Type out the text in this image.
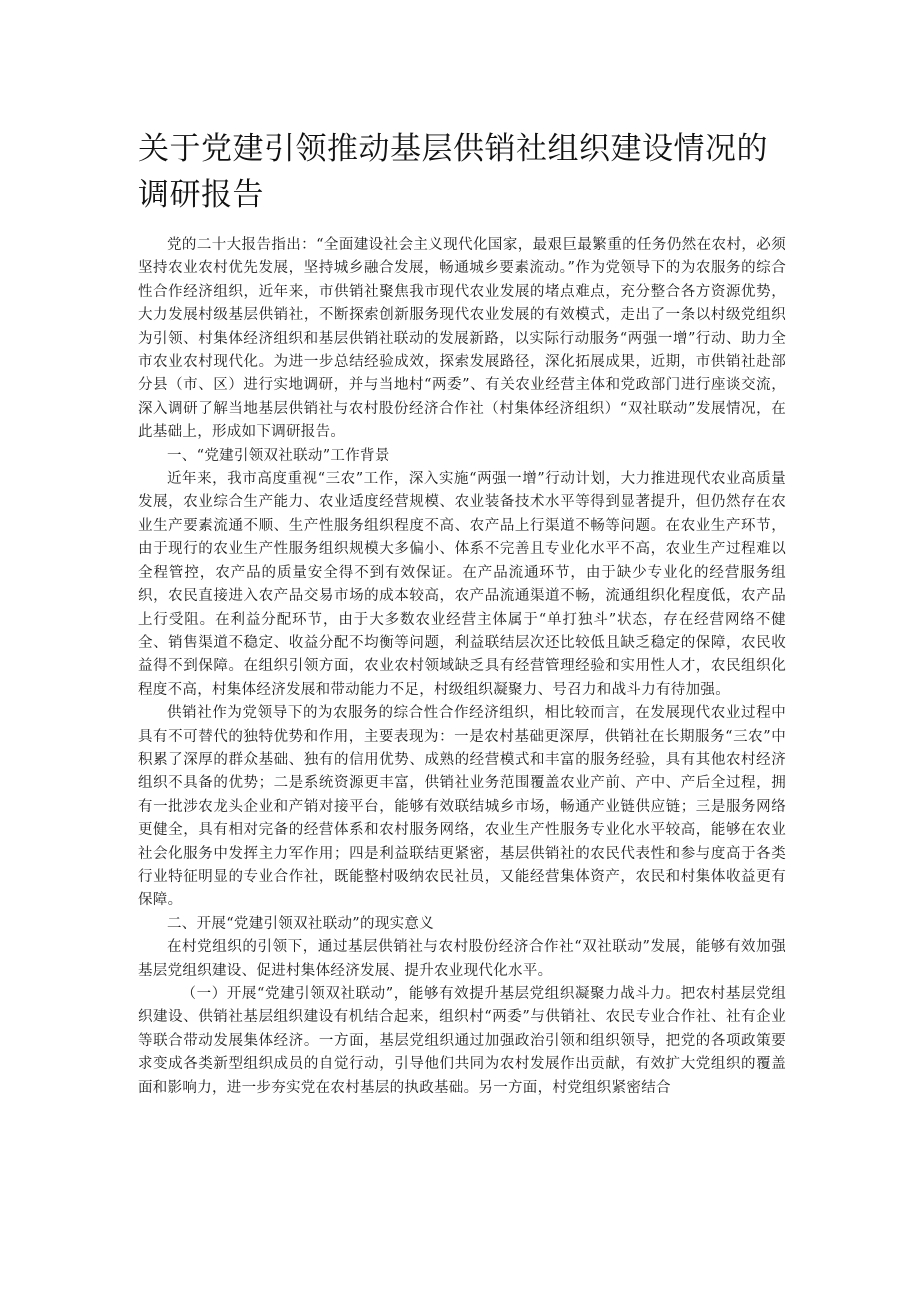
关于党建引领推动基层供销社组织建设情况的调研报告

党的二十大报告指出：“全面建设社会主义现代化国家，最艰巨最繁重的任务仍然在农村，必须坚持农业农村优先发展，坚持城乡融合发展，畅通城乡要素流动。”作为党领导下的为农服务的综合性合作经济组织，近年来，市供销社聚焦我市现代农业发展的堵点难点，充分整合各方资源优势，大力发展村级基层供销社，不断探索创新服务现代农业发展的有效模式，走出了一条以村级党组织为引领、村集体经济组织和基层供销社联动的发展新路，以实际行动服务“两强一增”行动、助力全市农业农村现代化。为进一步总结经验成效，探索发展路径，深化拓展成果，近期，市供销社赴部分县（市、区）进行实地调研，并与当地村“两委”、有关农业经营主体和党政部门进行座谈交流，深入调研了解当地基层供销社与农村股份经济合作社（村集体经济组织）“双社联动”发展情况，在此基础上，形成如下调研报告。

一、“党建引领双社联动”工作背景

近年来，我市高度重视“三农”工作，深入实施“两强一增”行动计划，大力推进现代农业高质量发展，农业综合生产能力、农业适度经营规模、农业装备技术水平等得到显著提升，但仍然存在农业生产要素流通不顺、生产性服务组织程度不高、农产品上行渠道不畅等问题。在农业生产环节，由于现行的农业生产性服务组织规模大多偏小、体系不完善且专业化水平不高，农业生产过程难以全程管控，农产品的质量安全得不到有效保证。在产品流通环节，由于缺少专业化的经营服务组织，农民直接进入农产品交易市场的成本较高，农产品流通渠道不畅，流通组织化程度低，农产品上行受阻。在利益分配环节，由于大多数农业经营主体属于“单打独斗”状态，存在经营网络不健全、销售渠道不稳定、收益分配不均衡等问题，利益联结层次还比较低且缺乏稳定的保障，农民收益得不到保障。在组织引领方面，农业农村领域缺乏具有经营管理经验和实用性人才，农民组织化程度不高，村集体经济发展和带动能力不足，村级组织凝聚力、号召力和战斗力有待加强。

供销社作为党领导下的为农服务的综合性合作经济组织，相比较而言，在发展现代农业过程中具有不可替代的独特优势和作用，主要表现为：一是农村基础更深厚，供销社在长期服务“三农”中积累了深厚的群众基础、独有的信用优势、成熟的经营模式和丰富的服务经验，具有其他农村经济组织不具备的优势；二是系统资源更丰富，供销社业务范围覆盖农业产前、产中、产后全过程，拥有一批涉农龙头企业和产销对接平台，能够有效联结城乡市场，畅通产业链供应链；三是服务网络更健全，具有相对完备的经营体系和农村服务网络，农业生产性服务专业化水平较高，能够在农业社会化服务中发挥主力军作用；四是利益联结更紧密，基层供销社的农民代表性和参与度高于各类行业特征明显的专业合作社，既能整村吸纳农民社员，又能经营集体资产，农民和村集体收益更有保障。

二、开展“党建引领双社联动”的现实意义

在村党组织的引领下，通过基层供销社与农村股份经济合作社“双社联动”发展，能够有效加强基层党组织建设、促进村集体经济发展、提升农业现代化水平。

（一）开展“党建引领双社联动”，能够有效提升基层党组织凝聚力战斗力。把农村基层党组织建设、供销社基层组织建设有机结合起来，组织村“两委”与供销社、农民专业合作社、社有企业等联合带动发展集体经济。一方面，基层党组织通过加强政治引领和组织领导，把党的各项政策要求变成各类新型组织成员的自觉行动，引导他们共同为农村发展作出贡献，有效扩大党组织的覆盖面和影响力，进一步夯实党在农村基层的执政基础。另一方面，村党组织紧密结合
